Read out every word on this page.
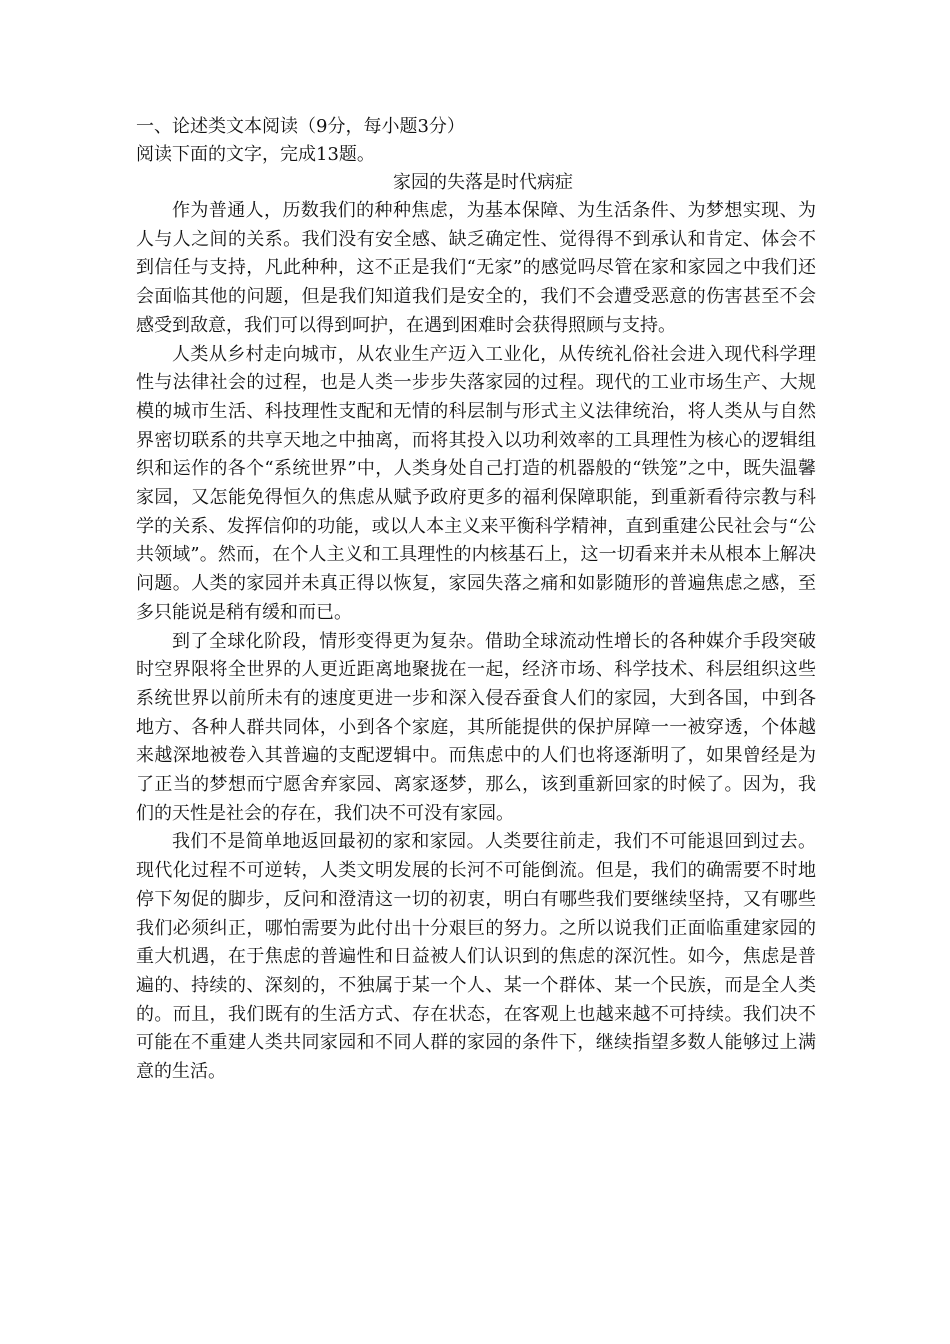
一、论述类文本阅读（9分，每小题3分）

阅读下面的文字，完成13题。

家园的失落是时代病症

作为普通人，历数我们的种种焦虑，为基本保障、为生活条件、为梦想实现、为人与人之间的关系。我们没有安全感、缺乏确定性、觉得得不到承认和肯定、体会不到信任与支持，凡此种种，这不正是我们“无家”的感觉吗尽管在家和家园之中我们还会面临其他的问题，但是我们知道我们是安全的，我们不会遭受恶意的伤害甚至不会感受到敌意，我们可以得到呵护，在遇到困难时会获得照顾与支持。

人类从乡村走向城市，从农业生产迈入工业化，从传统礼俗社会进入现代科学理性与法律社会的过程，也是人类一步步失落家园的过程。现代的工业市场生产、大规模的城市生活、科技理性支配和无情的科层制与形式主义法律统治，将人类从与自然界密切联系的共享天地之中抽离，而将其投入以功利效率的工具理性为核心的逻辑组织和运作的各个“系统世界”中，人类身处自己打造的机器般的“铁笼”之中，既失温馨家园，又怎能免得恒久的焦虑从赋予政府更多的福利保障职能，到重新看待宗教与科学的关系、发挥信仰的功能，或以人本主义来平衡科学精神，直到重建公民社会与“公共领域”。然而，在个人主义和工具理性的内核基石上，这一切看来并未从根本上解决问题。人类的家园并未真正得以恢复，家园失落之痛和如影随形的普遍焦虑之感，至多只能说是稍有缓和而已。

到了全球化阶段，情形变得更为复杂。借助全球流动性增长的各种媒介手段突破时空界限将全世界的人更近距离地聚拢在一起，经济市场、科学技术、科层组织这些系统世界以前所未有的速度更进一步和深入侵吞蚕食人们的家园，大到各国，中到各地方、各种人群共同体，小到各个家庭，其所能提供的保护屏障一一被穿透，个体越来越深地被卷入其普遍的支配逻辑中。而焦虑中的人们也将逐渐明了，如果曾经是为了正当的梦想而宁愿舍弃家园、离家逐梦，那么，该到重新回家的时候了。因为，我们的天性是社会的存在，我们决不可没有家园。

我们不是简单地返回最初的家和家园。人类要往前走，我们不可能退回到过去。现代化过程不可逆转，人类文明发展的长河不可能倒流。但是，我们的确需要不时地停下匆促的脚步，反问和澄清这一切的初衷，明白有哪些我们要继续坚持，又有哪些我们必须纠正，哪怕需要为此付出十分艰巨的努力。之所以说我们正面临重建家园的重大机遇，在于焦虑的普遍性和日益被人们认识到的焦虑的深沉性。如今，焦虑是普遍的、持续的、深刻的，不独属于某一个人、某一个群体、某一个民族，而是全人类的。而且，我们既有的生活方式、存在状态，在客观上也越来越不可持续。我们决不可能在不重建人类共同家园和不同人群的家园的条件下，继续指望多数人能够过上满意的生活。
